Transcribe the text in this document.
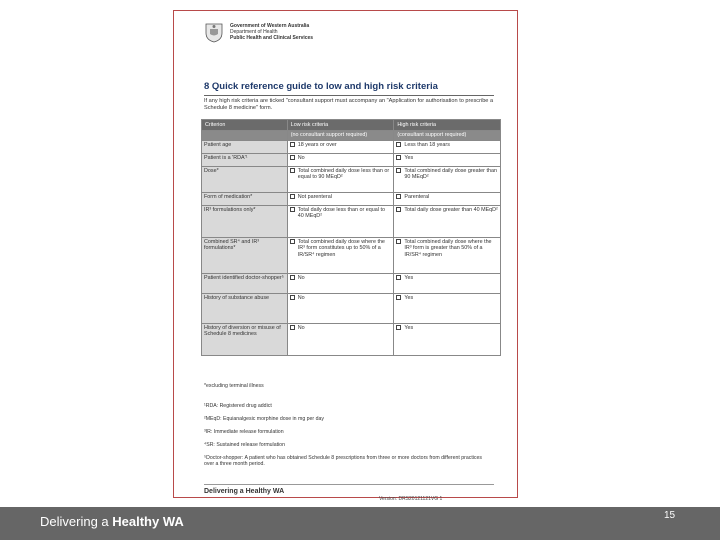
Government of Western Australia
Department of Health
Public Health and Clinical Services
8 Quick reference guide to low and high risk criteria
If any high risk criteria are ticked "consultant support must accompany an "Application for authorisation to prescribe a Schedule 8 medicine" form.
Criterion	Low risk criteria	High risk criteria
	(no consultant support required)	(consultant support required)
Patient age	18 years or over	Less than 18 years

Patient is a 'RDA'¹	No	Yes

Dose*	Total combined daily dose less than or equal to 90 MEqD²	Total combined daily dose greater than 90 MEqD²

Form of medication*	Not parenteral	Parenteral

IR³ formulations only*	Total daily dose less than or equal to 40 MEqD²	Total daily dose greater than 40 MEqD²

Combined SR⁴ and IR³ formulations*	Total combined daily dose where the IR³ form constitutes up to 50% of a IR/SR⁴ regimen	Total combined daily dose where the IR³ form is greater than 50% of a IR/SR⁴ regimen

Patient identified doctor-shopper⁵	No	Yes

History of substance abuse	No	Yes

History of diversion or misuse of Schedule 8 medicines	No	Yes
*excluding terminal illness
¹RDA: Registered drug addict
²MEqD: Equianalgesic morphine dose in mg per day
³IR: Immediate release formulation
⁴SR: Sustained release formulation
⁵Doctor-shopper: A patient who has obtained Schedule 8 prescriptions from three or more doctors from different practices over a three month period.
Delivering a Healthy WA
Version: DRS20121121VG 1
Delivering a Healthy WA	15
